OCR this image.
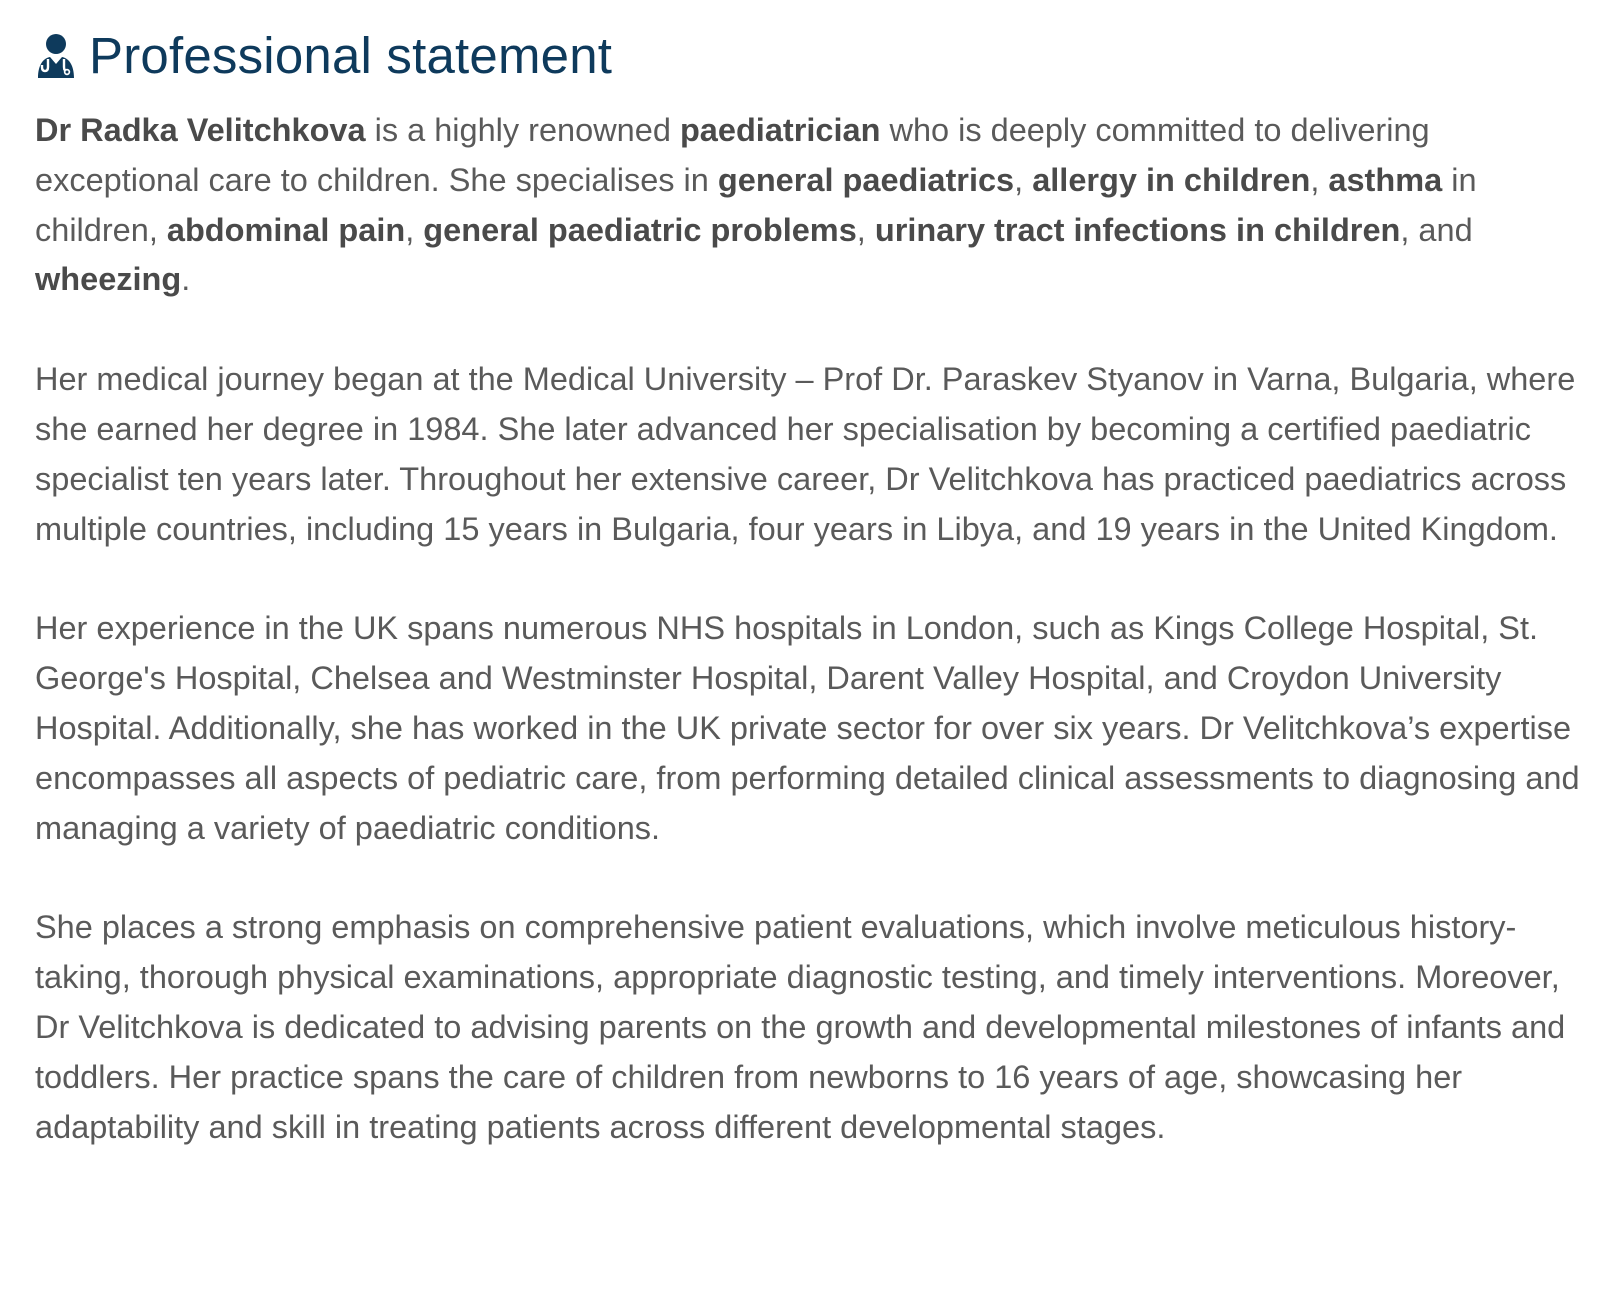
Professional statement

Dr Radka Velitchkova is a highly renowned paediatrician who is deeply committed to delivering exceptional care to children. She specialises in general paediatrics, allergy in children, asthma in children, abdominal pain, general paediatric problems, urinary tract infections in children, and wheezing.

Her medical journey began at the Medical University – Prof Dr. Paraskev Styanov in Varna, Bulgaria, where she earned her degree in 1984. She later advanced her specialisation by becoming a certified paediatric specialist ten years later. Throughout her extensive career, Dr Velitchkova has practiced paediatrics across multiple countries, including 15 years in Bulgaria, four years in Libya, and 19 years in the United Kingdom.

Her experience in the UK spans numerous NHS hospitals in London, such as Kings College Hospital, St. George's Hospital, Chelsea and Westminster Hospital, Darent Valley Hospital, and Croydon University Hospital. Additionally, she has worked in the UK private sector for over six years. Dr Velitchkova’s expertise encompasses all aspects of pediatric care, from performing detailed clinical assessments to diagnosing and managing a variety of paediatric conditions.

She places a strong emphasis on comprehensive patient evaluations, which involve meticulous history-taking, thorough physical examinations, appropriate diagnostic testing, and timely interventions. Moreover, Dr Velitchkova is dedicated to advising parents on the growth and developmental milestones of infants and toddlers. Her practice spans the care of children from newborns to 16 years of age, showcasing her adaptability and skill in treating patients across different developmental stages.
